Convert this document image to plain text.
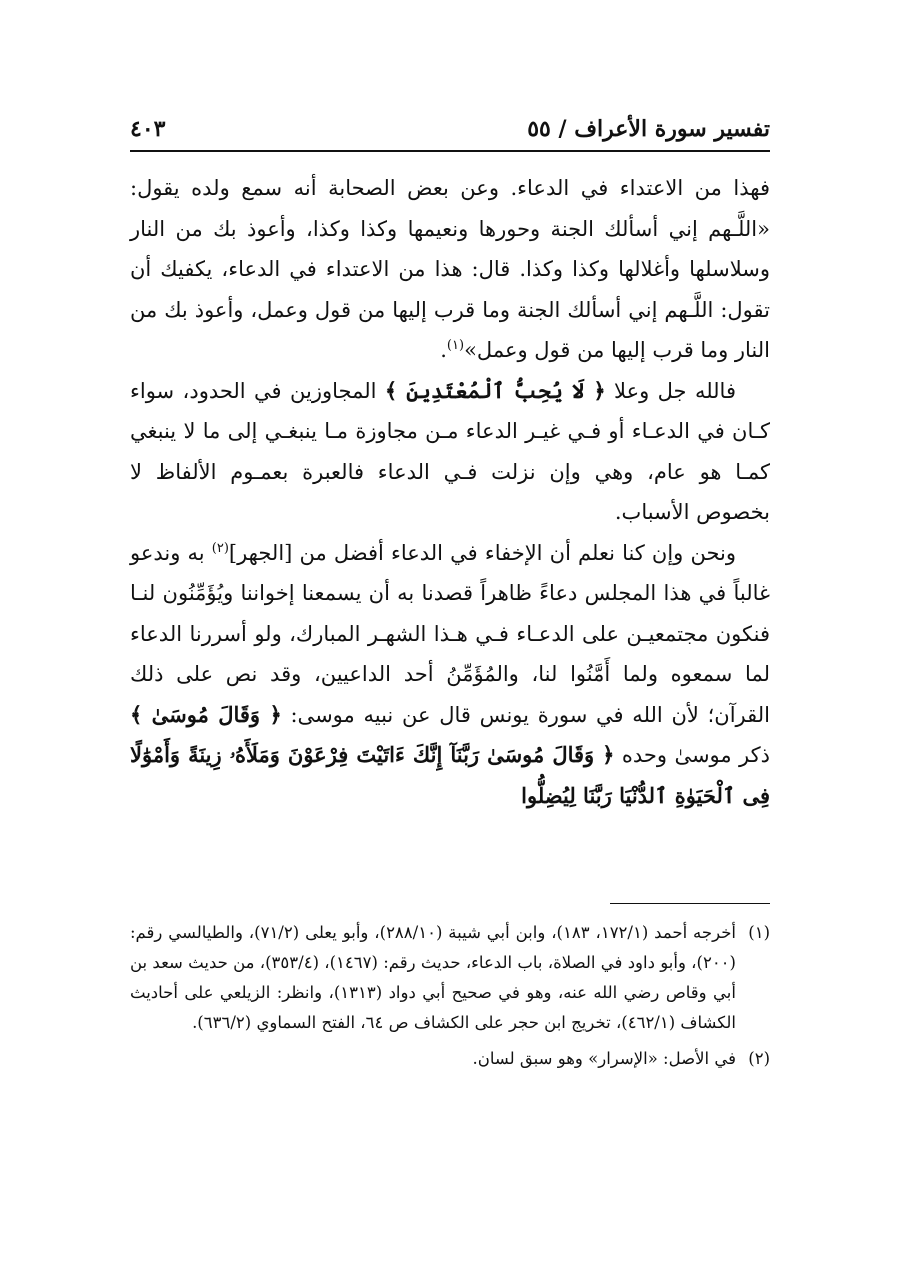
تفسير سورة الأعراف / ٥٥
٤٠٣

فهذا من الاعتداء في الدعاء. وعن بعض الصحابة أنه سمع ولده يقول: «اللَّـهم إني أسألك الجنة وحورها ونعيمها وكذا وكذا، وأعوذ بك من النار وسلاسلها وأغلالها وكذا وكذا. قال: هذا من الاعتداء في الدعاء، يكفيك أن تقول: اللَّـهم إني أسألك الجنة وما قرب إليها من قول وعمل، وأعوذ بك من النار وما قرب إليها من قول وعمل»$^{(١)}$.

فالله جل وعلا ﴿ لَا يُحِبُّ ٱلْمُعْتَدِينَ ﴾ المجاوزين في الحدود، سواء كـان في الدعـاء أو فـي غيـر الدعاء مـن مجاوزة مـا ينبغـي إلى ما لا ينبغي كمـا هو عام، وهي وإن نزلت فـي الدعاء فالعبرة بعمـوم الألفاظ لا بخصوص الأسباب.

ونحن وإن كنا نعلم أن الإخفاء في الدعاء أفضل من [الجهر]$^{(٢)}$ به وندعو غالباً في هذا المجلس دعاءً ظاهراً قصدنا به أن يسمعنا إخواننا ويُؤَمِّنُون لنـا فنكون مجتمعيـن على الدعـاء فـي هـذا الشهـر المبارك، ولو أسررنا الدعاء لما سمعوه ولما أَمَّنُوا لنا، والمُؤَمِّنُ أحد الداعيين، وقد نص على ذلك القرآن؛ لأن الله في سورة يونس قال عن نبيه موسى: ﴿ وَقَالَ مُوسَىٰ ﴾ ذكر موسىٰ وحده ﴿ وَقَالَ مُوسَىٰ رَبَّنَآ إِنَّكَ ءَاتَيْتَ فِرْعَوْنَ وَمَلَأَهُۥ زِينَةً وَأَمْوَٰلًا فِى ٱلْحَيَوٰةِ ٱلدُّنْيَا رَبَّنَا لِيُضِلُّوا

(١)
أخرجه أحمد (١٧٢/١، ١٨٣)، وابن أبي شيبة (٢٨٨/١٠)، وأبو يعلى (٧١/٢)، والطيالسي رقم: (٢٠٠)، وأبو داود في الصلاة، باب الدعاء، حديث رقم: (١٤٦٧)، (٣٥٣/٤)، من حديث سعد بن أبي وقاص رضي الله عنه، وهو في صحيح أبي دواد (١٣١٣)، وانظر: الزيلعي على أحاديث الكشاف (٤٦٢/١)، تخريج ابن حجر على الكشاف ص ٦٤، الفتح السماوي (٦٣٦/٢).
(٢)
في الأصل: «الإسرار» وهو سبق لسان.
